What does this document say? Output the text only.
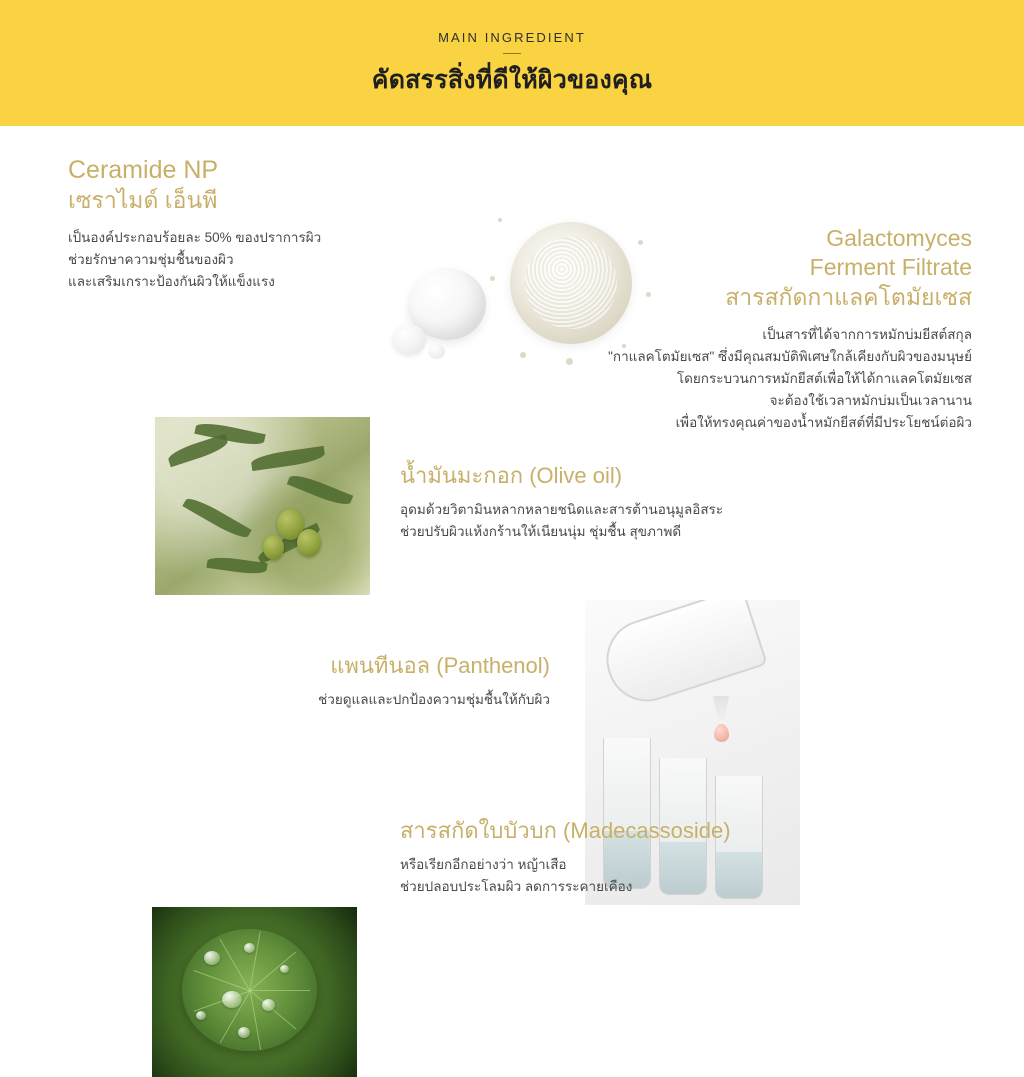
MAIN INGREDIENT
คัดสรรสิ่งที่ดีให้ผิวของคุณ
Ceramide NP
เซราไมด์ เอ็นพี
เป็นองค์ประกอบร้อยละ 50% ของปราการผิว
ช่วยรักษาความชุ่มชื้นของผิว
และเสริมเกราะป้องกันผิวให้แข็งแรง
Galactomyces
Ferment Filtrate
สารสกัดกาแลคโตมัยเซส
เป็นสารที่ได้จากการหมักบ่มยีสต์สกุล
"กาแลคโตมัยเซส" ซึ่งมีคุณสมบัติพิเศษใกล้เคียงกับผิวของมนุษย์
โดยกระบวนการหมักยีสต์เพื่อให้ได้กาแลคโตมัยเซส
จะต้องใช้เวลาหมักบ่มเป็นเวลานาน
เพื่อให้ทรงคุณค่าของน้ำหมักยีสต์ที่มีประโยชน์ต่อผิว
น้ำมันมะกอก (Olive oil)
อุดมด้วยวิตามินหลากหลายชนิดและสารต้านอนุมูลอิสระ
ช่วยปรับผิวแห้งกร้านให้เนียนนุ่ม ชุ่มชื้น สุขภาพดี
แพนทีนอล (Panthenol)
ช่วยดูแลและปกป้องความชุ่มชื้นให้กับผิว
สารสกัดใบบัวบก (Madecassoside)
หรือเรียกอีกอย่างว่า หญ้าเสือ
ช่วยปลอบประโลมผิว ลดการระคายเคือง
